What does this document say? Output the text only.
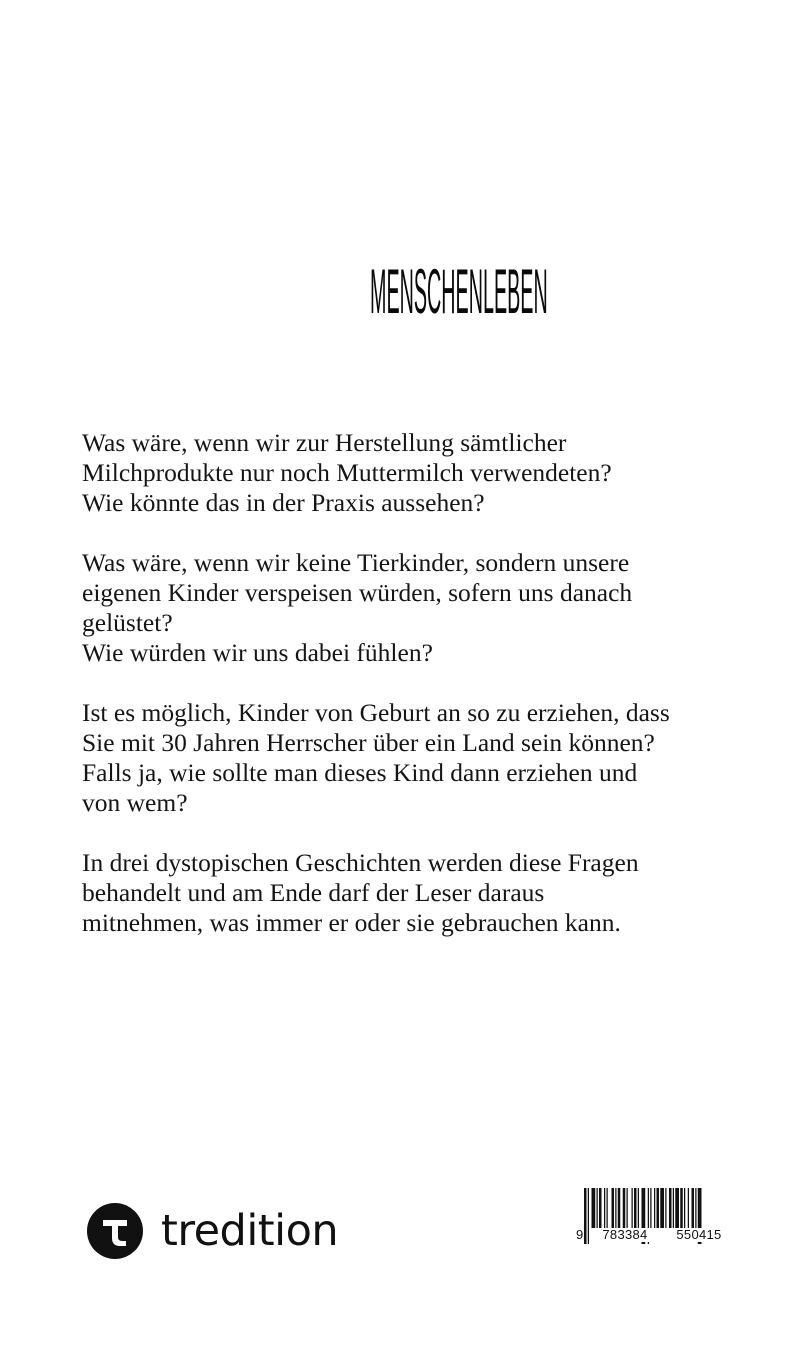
MENSCHENLEBEN

Was wäre, wenn wir zur Herstellung sämtlicher
Milchprodukte nur noch Muttermilch verwendeten?
Wie könnte das in der Praxis aussehen?

Was wäre, wenn wir keine Tierkinder, sondern unsere
eigenen Kinder verspeisen würden, sofern uns danach
gelüstet?
Wie würden wir uns dabei fühlen?

Ist es möglich, Kinder von Geburt an so zu erziehen, dass
Sie mit 30 Jahren Herrscher über ein Land sein können?
Falls ja, wie sollte man dieses Kind dann erziehen und
von wem?

In drei dystopischen Geschichten werden diese Fragen
behandelt und am Ende darf der Leser daraus
mitnehmen, was immer er oder sie gebrauchen kann.

tredition	9	783384	550415
